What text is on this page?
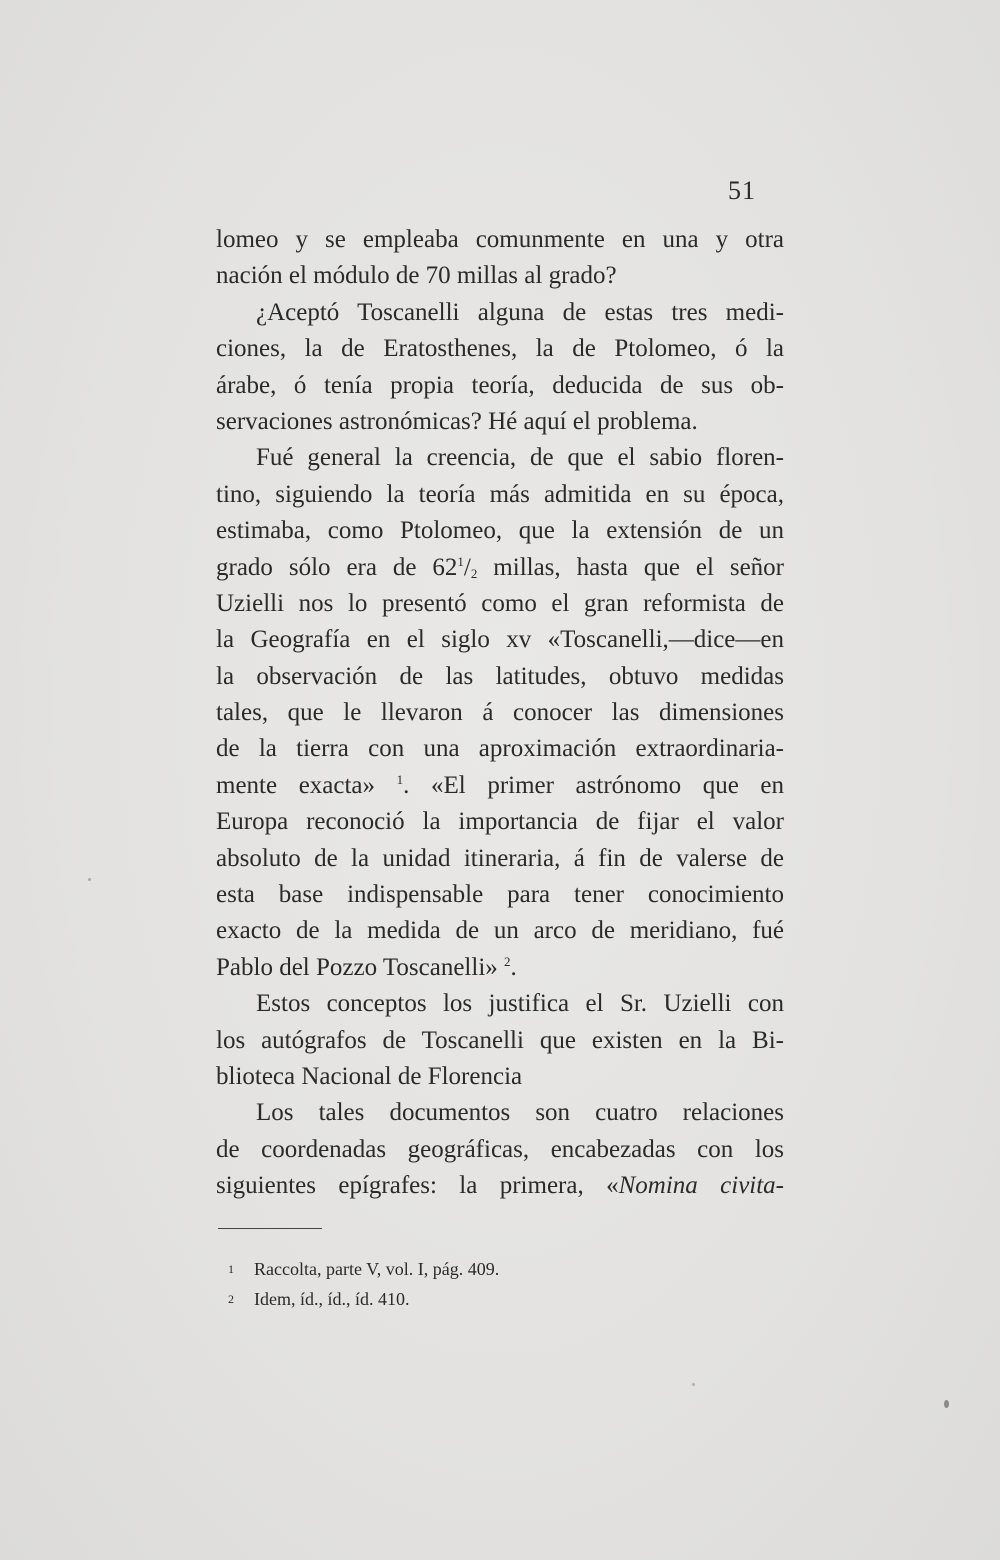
51
lomeo y se empleaba comunmente en una y otra
nación el módulo de 70 millas al grado?
¿Aceptó Toscanelli alguna de estas tres medi-
ciones, la de Eratosthenes, la de Ptolomeo, ó la
árabe, ó tenía propia teoría, deducida de sus ob-
servaciones astronómicas? Hé aquí el problema.
Fué general la creencia, de que el sabio floren-
tino, siguiendo la teoría más admitida en su época,
estimaba, como Ptolomeo, que la extensión de un
grado sólo era de $62^1/2$ millas, hasta que el señor
Uzielli nos lo presentó como el gran reformista de
la Geografía en el siglo xv «Toscanelli,—dice—en
la observación de las latitudes, obtuvo medidas
tales, que le llevaron á conocer las dimensiones
de la tierra con una aproximación extraordinaria-
mente exacta» $^1$. «El primer astrónomo que en
Europa reconoció la importancia de fijar el valor
absoluto de la unidad itineraria, á fin de valerse de
esta base indispensable para tener conocimiento
exacto de la medida de un arco de meridiano, fué
Pablo del Pozzo Toscanelli» $^2$.
Estos conceptos los justifica el Sr. Uzielli con
los autógrafos de Toscanelli que existen en la Bi-
blioteca Nacional de Florencia
Los tales documentos son cuatro relaciones
de coordenadas geográficas, encabezadas con los
siguientes epígrafes: la primera, «Nomina civita-
1 Raccolta, parte V, vol. I, pág. 409.
2 Idem, íd., íd., íd. 410.
